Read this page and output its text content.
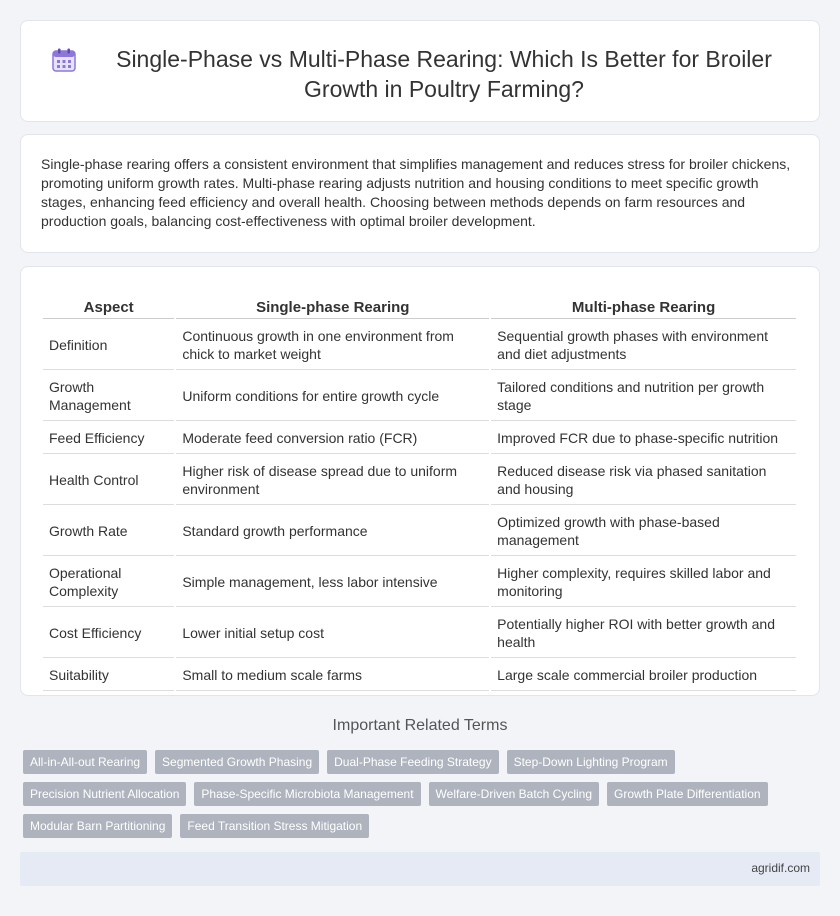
Single-Phase vs Multi-Phase Rearing: Which Is Better for Broiler Growth in Poultry Farming?

Single-phase rearing offers a consistent environment that simplifies management and reduces stress for broiler chickens, promoting uniform growth rates. Multi-phase rearing adjusts nutrition and housing conditions to meet specific growth stages, enhancing feed efficiency and overall health. Choosing between methods depends on farm resources and production goals, balancing cost-effectiveness with optimal broiler development.

Aspect	Single-phase Rearing	Multi-phase Rearing
Definition	Continuous growth in one environment from chick to market weight	Sequential growth phases with environment and diet adjustments
Growth Management	Uniform conditions for entire growth cycle	Tailored conditions and nutrition per growth stage
Feed Efficiency	Moderate feed conversion ratio (FCR)	Improved FCR due to phase-specific nutrition
Health Control	Higher risk of disease spread due to uniform environment	Reduced disease risk via phased sanitation and housing
Growth Rate	Standard growth performance	Optimized growth with phase-based management
Operational Complexity	Simple management, less labor intensive	Higher complexity, requires skilled labor and monitoring
Cost Efficiency	Lower initial setup cost	Potentially higher ROI with better growth and health
Suitability	Small to medium scale farms	Large scale commercial broiler production
Important Related Terms
All-in-All-out Rearing	Segmented Growth Phasing	Dual-Phase Feeding Strategy	Step-Down Lighting Program
Precision Nutrient Allocation	Phase-Specific Microbiota Management	Welfare-Driven Batch Cycling	Growth Plate Differentiation
Modular Barn Partitioning	Feed Transition Stress Mitigation
agridif.com
